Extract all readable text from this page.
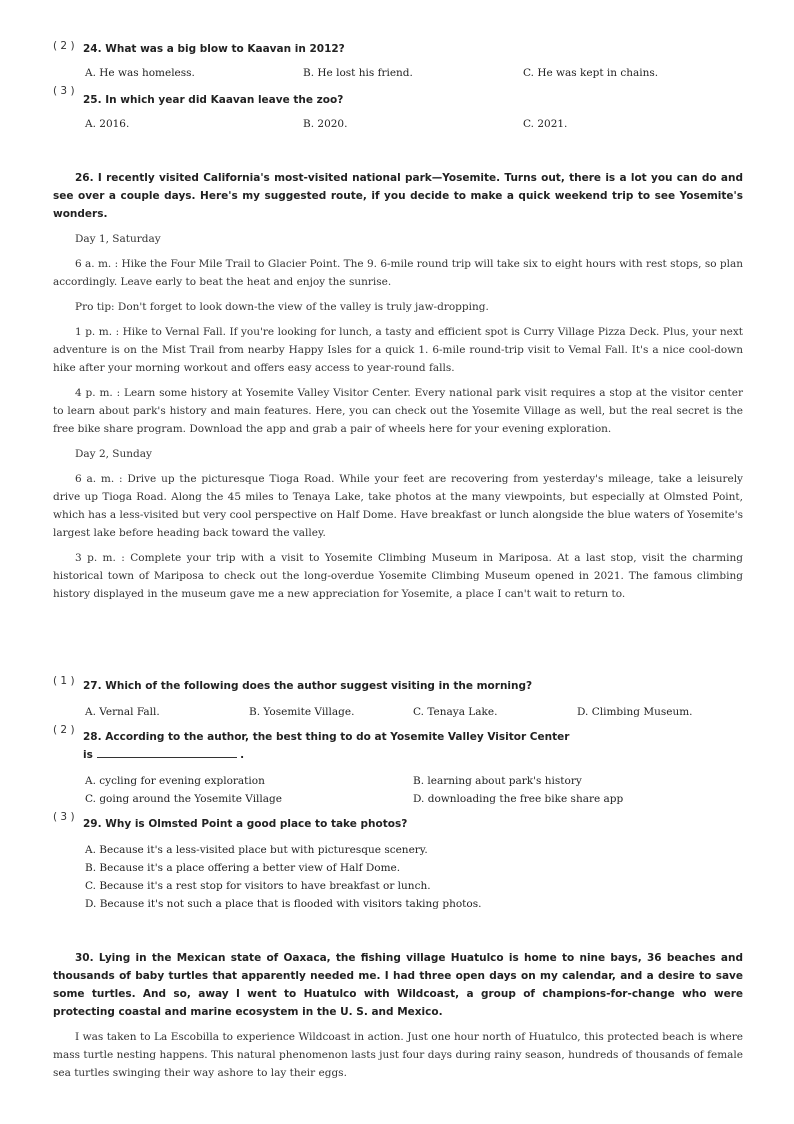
( 2 ) 24. What was a big blow to Kaavan in 2012?
A. He was homeless.	B. He lost his friend.	C. He was kept in chains.
( 3 )
25. In which year did Kaavan leave the zoo?
A. 2016.	B. 2020.	C. 2021.
26. I recently visited California's most-visited national park—Yosemite. Turns out, there is a lot you can do and see over a couple days. Here's my suggested route, if you decide to make a quick weekend trip to see Yosemite's wonders.
Day 1, Saturday
6 a. m. : Hike the Four Mile Trail to Glacier Point. The 9. 6-mile round trip will take six to eight hours with rest stops, so plan accordingly. Leave early to beat the heat and enjoy the sunrise.
Pro tip: Don't forget to look down-the view of the valley is truly jaw-dropping.
1 p. m. : Hike to Vernal Fall. If you're looking for lunch, a tasty and efficient spot is Curry Village Pizza Deck. Plus, your next adventure is on the Mist Trail from nearby Happy Isles for a quick 1. 6-mile round-trip visit to Vemal Fall. It's a nice cool-down hike after your morning workout and offers easy access to year-round falls.
4 p. m. : Learn some history at Yosemite Valley Visitor Center. Every national park visit requires a stop at the visitor center to learn about park's history and main features. Here, you can check out the Yosemite Village as well, but the real secret is the free bike share program. Download the app and grab a pair of wheels here for your evening exploration.
Day 2, Sunday
6 a. m. : Drive up the picturesque Tioga Road. While your feet are recovering from yesterday's mileage, take a leisurely drive up Tioga Road. Along the 45 miles to Tenaya Lake, take photos at the many viewpoints, but especially at Olmsted Point, which has a less-visited but very cool perspective on Half Dome. Have breakfast or lunch alongside the blue waters of Yosemite's largest lake before heading back toward the valley.
3 p. m. : Complete your trip with a visit to Yosemite Climbing Museum in Mariposa. At a last stop, visit the charming historical town of Mariposa to check out the long-overdue Yosemite Climbing Museum opened in 2021. The famous climbing history displayed in the museum gave me a new appreciation for Yosemite, a place I can't wait to return to.
( 1 ) 27. Which of the following does the author suggest visiting in the morning?
A. Vernal Fall.	B. Yosemite Village.	C. Tenaya Lake.	D. Climbing Museum.
( 2 )
28. According to the author, the best thing to do at Yosemite Valley Visitor Center
is	.
A. cycling for evening exploration	B. learning about park's history
C. going around the Yosemite Village	D. downloading the free bike share app
( 3 )
29. Why is Olmsted Point a good place to take photos?
A. Because it's a less-visited place but with picturesque scenery.
B. Because it's a place offering a better view of Half Dome.
C. Because it's a rest stop for visitors to have breakfast or lunch.
D. Because it's not such a place that is flooded with visitors taking photos.
30. Lying in the Mexican state of Oaxaca, the fishing village Huatulco is home to nine bays, 36 beaches and thousands of baby turtles that apparently needed me. I had three open days on my calendar, and a desire to save some turtles. And so, away I went to Huatulco with Wildcoast, a group of champions-for-change who were protecting coastal and marine ecosystem in the U. S. and Mexico.
I was taken to La Escobilla to experience Wildcoast in action. Just one hour north of Huatulco, this protected beach is where mass turtle nesting happens. This natural phenomenon lasts just four days during rainy season, hundreds of thousands of female sea turtles swinging their way ashore to lay their eggs.
